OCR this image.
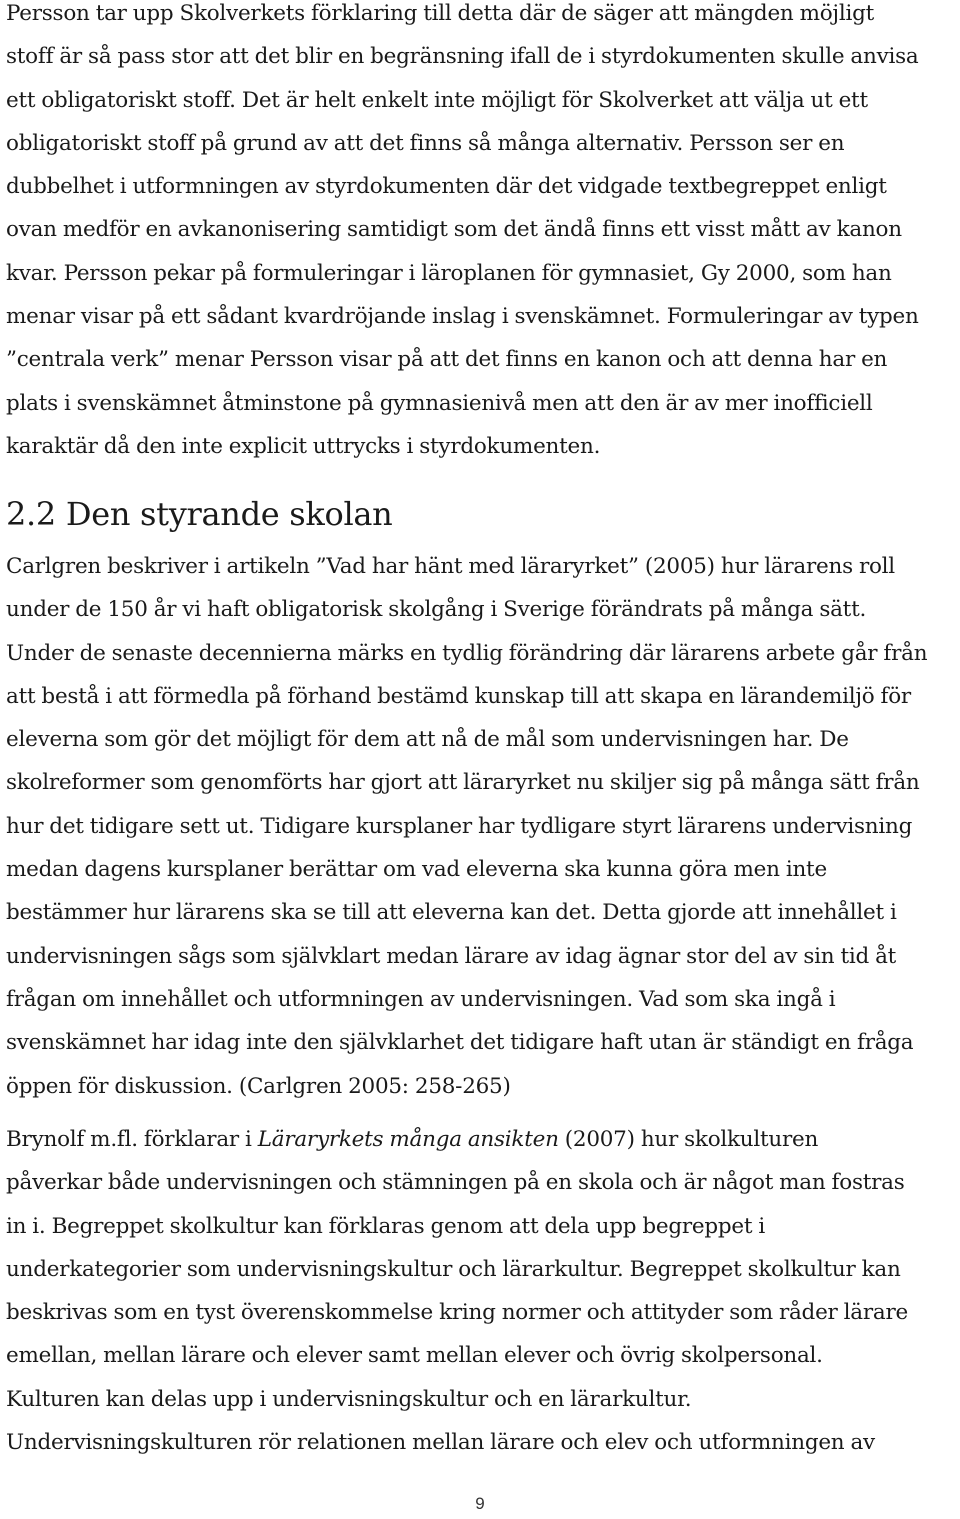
Persson tar upp Skolverkets förklaring till detta där de säger att mängden möjligt
stoff är så pass stor att det blir en begränsning ifall de i styrdokumenten skulle anvisa
ett obligatoriskt stoff. Det är helt enkelt inte möjligt för Skolverket att välja ut ett
obligatoriskt stoff på grund av att det finns så många alternativ. Persson ser en
dubbelhet i utformningen av styrdokumenten där det vidgade textbegreppet enligt
ovan medför en avkanonisering samtidigt som det ändå finns ett visst mått av kanon
kvar. Persson pekar på formuleringar i läroplanen för gymnasiet, Gy 2000, som han
menar visar på ett sådant kvardröjande inslag i svenskämnet. Formuleringar av typen
”centrala verk” menar Persson visar på att det finns en kanon och att denna har en
plats i svenskämnet åtminstone på gymnasienivå men att den är av mer inofficiell
karaktär då den inte explicit uttrycks i styrdokumenten.

2.2 Den styrande skolan

Carlgren beskriver i artikeln ”Vad har hänt med läraryrket” (2005) hur lärarens roll
under de 150 år vi haft obligatorisk skolgång i Sverige förändrats på många sätt.
Under de senaste decennierna märks en tydlig förändring där lärarens arbete går från
att bestå i att förmedla på förhand bestämd kunskap till att skapa en lärandemiljö för
eleverna som gör det möjligt för dem att nå de mål som undervisningen har. De
skolreformer som genomförts har gjort att läraryrket nu skiljer sig på många sätt från
hur det tidigare sett ut. Tidigare kursplaner har tydligare styrt lärarens undervisning
medan dagens kursplaner berättar om vad eleverna ska kunna göra men inte
bestämmer hur lärarens ska se till att eleverna kan det. Detta gjorde att innehållet i
undervisningen sågs som självklart medan lärare av idag ägnar stor del av sin tid åt
frågan om innehållet och utformningen av undervisningen. Vad som ska ingå i
svenskämnet har idag inte den självklarhet det tidigare haft utan är ständigt en fråga
öppen för diskussion. (Carlgren 2005: 258-265)

Brynolf m.fl. förklarar i Läraryrkets många ansikten (2007) hur skolkulturen
påverkar både undervisningen och stämningen på en skola och är något man fostras
in i. Begreppet skolkultur kan förklaras genom att dela upp begreppet i
underkategorier som undervisningskultur och lärarkultur. Begreppet skolkultur kan
beskrivas som en tyst överenskommelse kring normer och attityder som råder lärare
emellan, mellan lärare och elever samt mellan elever och övrig skolpersonal.
Kulturen kan delas upp i undervisningskultur och en lärarkultur.
Undervisningskulturen rör relationen mellan lärare och elev och utformningen av

9
